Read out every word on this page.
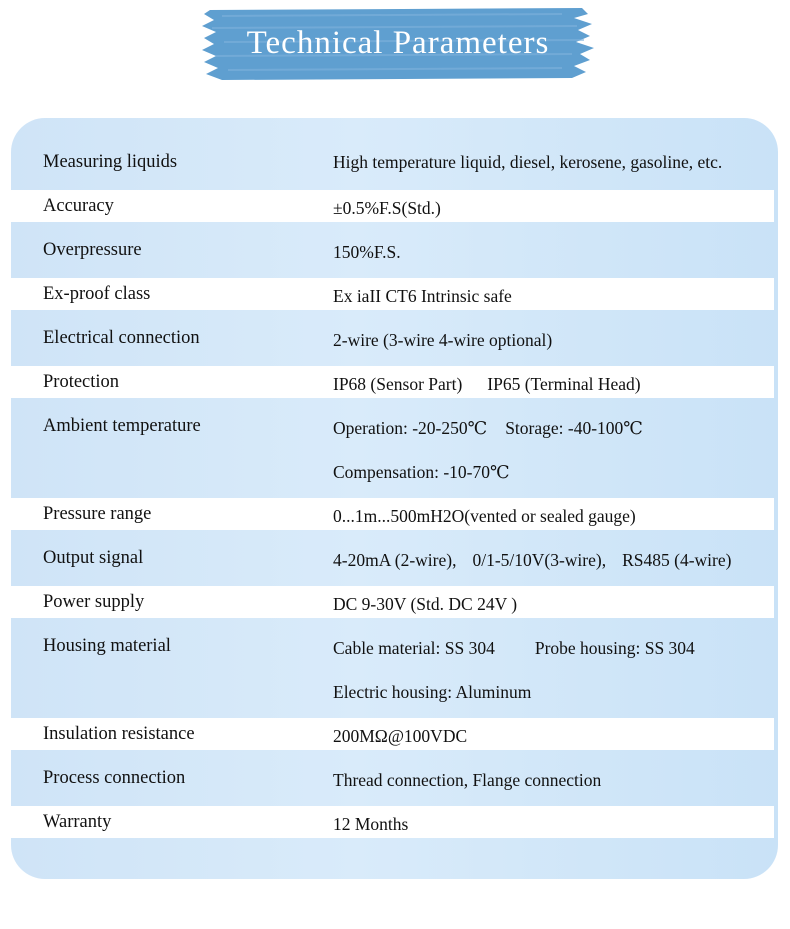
Technical Parameters
Measuring liquids	High temperature liquid, diesel, kerosene, gasoline, etc.
Accuracy	±0.5%F.S(Std.)
Overpressure	150%F.S.
Ex-proof class	Ex iaII CT6 Intrinsic safe
Electrical connection	2-wire (3-wire 4-wire optional)
Protection	IP68 (Sensor Part) IP65 (Terminal Head)
Ambient temperature	Operation: -20-250℃ Storage: -40-100℃
Compensation: -10-70℃
Pressure range	0...1m...500mH2O(vented or sealed gauge)
Output signal	4-20mA (2-wire), 0/1-5/10V(3-wire), RS485 (4-wire)
Power supply	DC 9-30V (Std. DC 24V )
Housing material	Cable material: SS 304 Probe housing: SS 304
Electric housing: Aluminum
Insulation resistance	200MΩ@100VDC
Process connection	Thread connection, Flange connection
Warranty	12 Months
